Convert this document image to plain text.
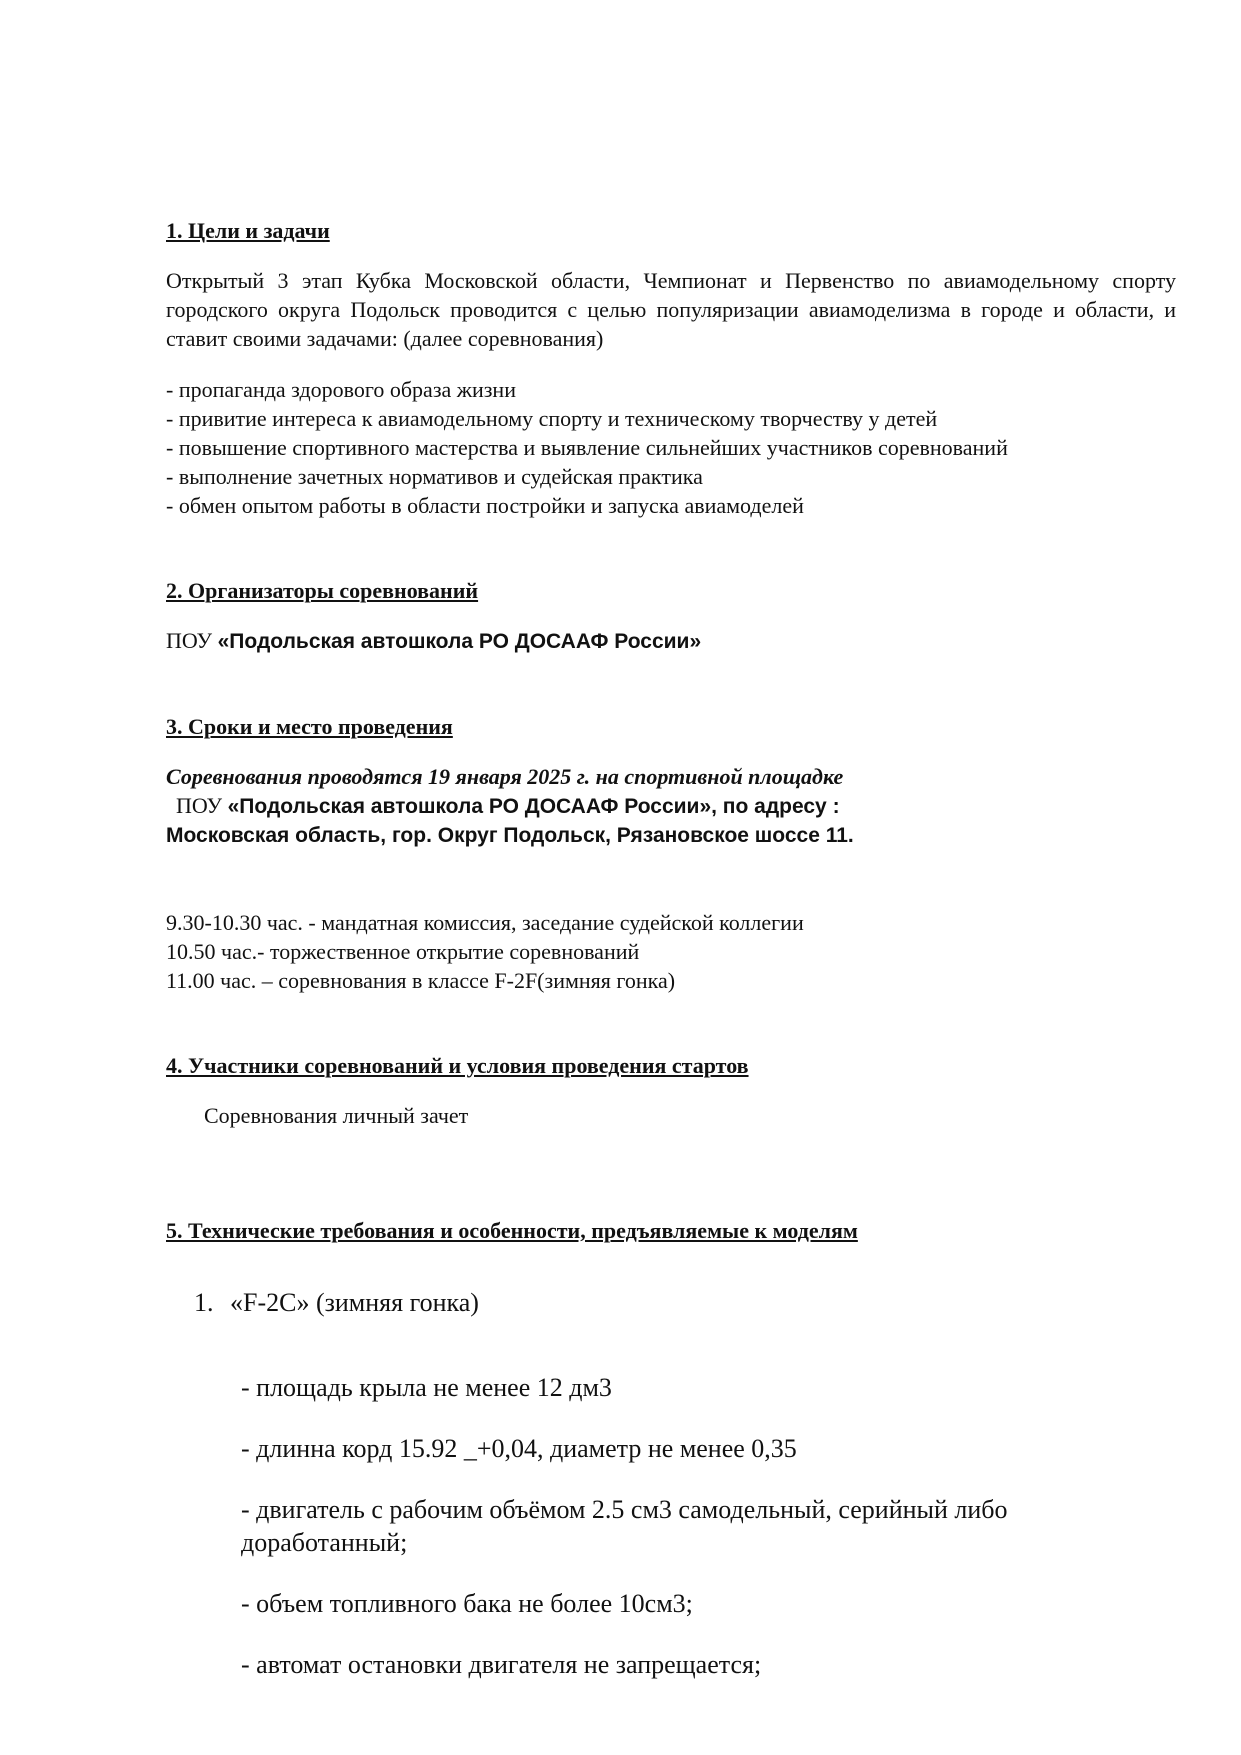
1. Цели и задачи

Открытый 3 этап Кубка Московской области, Чемпионат и Первенство по авиамодельному спорту городского округа Подольск проводится с целью популяризации авиамоделизма в городе и области, и ставит своими задачами: (далее соревнования)

- пропаганда здорового образа жизни

- привитие интереса к авиамодельному спорту и техническому творчеству у детей

- повышение спортивного мастерства и выявление сильнейших участников соревнований

- выполнение зачетных нормативов и судейская практика

- обмен опытом работы в области постройки и запуска авиамоделей

2. Организаторы соревнований

ПОУ «Подольская автошкола РО ДОСААФ России»

3. Сроки и место проведения

Соревнования проводятся 19 января 2025 г. на спортивной площадке

ПОУ «Подольская автошкола РО ДОСААФ России», по адресу :

Московская область, гор. Округ Подольск, Рязановское шоссе 11.

9.30-10.30 час. - мандатная комиссия, заседание судейской коллегии

10.50 час.- торжественное открытие соревнований

11.00 час. – соревнования в классе F-2F(зимняя гонка)

4. Участники соревнований и условия проведения стартов

Соревнования личный зачет

5. Технические требования и особенности, предъявляемые к моделям

1. «F-2C» (зимняя гонка)

- площадь крыла не менее 12 дм3

- длинна корд 15.92 _+0,04, диаметр не менее 0,35

- двигатель с рабочим объёмом 2.5 см3 самодельный, серийный либо

доработанный;

- объем топливного бака не более 10см3;

- автомат остановки двигателя не запрещается;
